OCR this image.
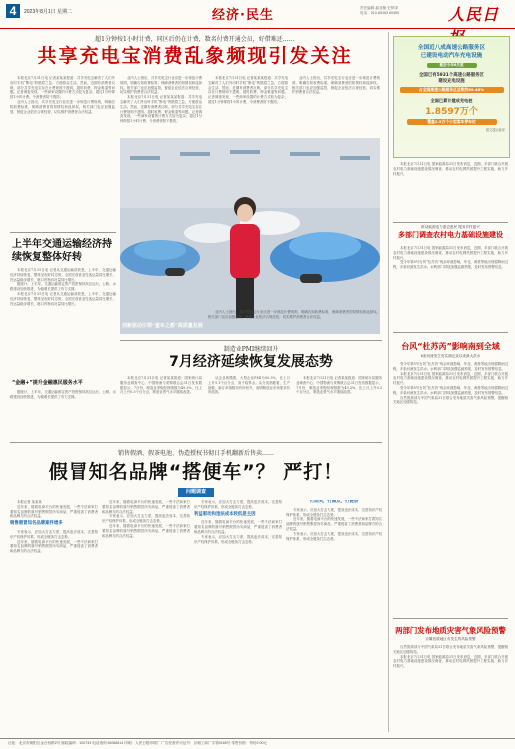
4	2023年8月1日 星期二	经济·民生	责任编辑 郝亚楠 史梦泽
电话：010-65363 65369	人民日
超1分钟按1小时计费，同区后仍在计费，数名付费开通会员，好借难还……
共享充电宝消费乱象频现引发关注

本报北京7月31日电 记者某某某报道：共享充电宝解决了人们外出时手机“断电”的燃眉之急，方便群众生活。然而，近期有消费者反映，部分共享充电宝存在计费规则不透明、超时收费、押金难退等问题。记者调查发现，一些商家设置的计费方式较为复杂，超过1分钟即按1小时计费，令消费者防不胜防。

业内人士指出，共享充电宝行业应进一步规范计费规则，明确告知收费标准，保障消费者的知情权和选择权。相关部门也应加强监管，督促企业依法合规经营，切实维护消费者合法权益。

业内人士指出，共享充电宝行业应进一步规范计费规则，明确告知收费标准，保障消费者的知情权和选择权。相关部门也应加强监管，督促企业依法合规经营，切实维护消费者合法权益。

本报北京7月31日电 记者某某某报道：共享充电宝解决了人们外出时手机“断电”的燃眉之急，方便群众生活。然而，近期有消费者反映，部分共享充电宝存在计费规则不透明、超时收费、押金难退等问题。记者调查发现，一些商家设置的计费方式较为复杂，超过1分钟即按1小时计费，令消费者防不胜防。

本报北京7月31日电 记者某某某报道：共享充电宝解决了人们外出时手机“断电”的燃眉之急，方便群众生活。然而，近期有消费者反映，部分共享充电宝存在计费规则不透明、超时收费、押金难退等问题。记者调查发现，一些商家设置的计费方式较为复杂，超过1分钟即按1小时计费，令消费者防不胜防。

业内人士指出，共享充电宝行业应进一步规范计费规则，明确告知收费标准，保障消费者的知情权和选择权。相关部门也应加强监管，督促企业依法合规经营，切实维护消费者合法权益。

创新驱动引领“童车之都”高质量发展

业内人士指出，共享充电宝行业应进一步规范计费规则，明确告知收费标准，保障消费者的知情权和选择权。相关部门也应加强监管，督促企业依法合规经营，切实维护消费者合法权益。

上半年交通运输经济持续恢复整体好转

本报北京7月31日电 记者从交通运输部获悉，上半年，交通运输经济持续恢复，整体呈现好转态势。全国完成营业性客运量同比增长，货运量稳步增长，港口货物吞吐量同比增长。

据统计，上半年，交通运输固定资产投资保持高位运行，公路、水路建设加快推进，为稳增长提供了有力支撑。

本报北京7月31日电 记者从交通运输部获悉，上半年，交通运输经济持续恢复，整体呈现好转态势。全国完成营业性客运量同比增长，货运量稳步增长，港口货物吞吐量同比增长。

“金融+”提升金融惠民服务水平

据统计，上半年，交通运输固定资产投资保持高位运行，公路、水路建设加快推进，为稳增长提供了有力支撑。

制造业PMI继续回升
7月经济延续恢复发展态势

本报北京7月31日电 记者某某报道：国家统计局服务业调查中心、中国物流与采购联合会31日发布数据显示，7月份，制造业采购经理指数为49.3%，比上月上升0.3个百分点，制造业景气水平继续改善。

从企业规模看，大型企业PMI为50.3%，比上月上升1.1个百分点，高于临界点。从分类指数看，生产指数、新订单指数均有所回升，表明制造业市场需求有所改善。

本报北京7月31日电 记者某某报道：国家统计局服务业调查中心、中国物流与采购联合会31日发布数据显示，7月份，制造业采购经理指数为49.3%，比上月上升0.3个百分点，制造业景气水平继续改善。

销售假酒、假茶电池、伪造授权书彻日手机翻新后售卖……
假冒知名品牌“搭便车”？ 严打！
问题调查

本报记者 某某某

近年来，随着电商平台的快速发展，一些不法商家打着知名品牌的旗号销售假冒伪劣商品，严重侵害了消费者和品牌方的合法权益。

销售假冒知名品牌案件增多

专家表示，应加大打击力度，提高违法成本，完善知识产权保护体系，形成全链条打击态势。

近年来，随着电商平台的快速发展，一些不法商家打着知名品牌的旗号销售假冒伪劣商品，严重侵害了消费者和品牌方的合法权益。

近年来，随着电商平台的快速发展，一些不法商家打着知名品牌的旗号销售假冒伪劣商品，严重侵害了消费者和品牌方的合法权益。

专家表示，应加大打击力度，提高违法成本，完善知识产权保护体系，形成全链条打击态势。

近年来，随着电商平台的快速发展，一些不法商家打着知名品牌的旗号销售假冒伪劣商品，严重侵害了消费者和品牌方的合法权益。

专家表示，应加大打击力度，提高违法成本，完善知识产权保护体系，形成全链条打击态势。

利益驱动和违法成本较低是主因

近年来，随着电商平台的快速发展，一些不法商家打着知名品牌的旗号销售假冒伪劣商品，严重侵害了消费者和品牌方的合法权益。

专家表示，应加大打击力度，提高违法成本，完善知识产权保护体系，形成全链条打击态势。

打品头，打黑点，打链条

专家表示，应加大打击力度，提高违法成本，完善知识产权保护体系，形成全链条打击态势。

近年来，随着电商平台的快速发展，一些不法商家打着知名品牌的旗号销售假冒伪劣商品，严重侵害了消费者和品牌方的合法权益。

专家表示，应加大打击力度，提高违法成本，完善知识产权保护体系，形成全链条打击态势。

全国近八成高速公路服务区
已建设电动汽车充电设施
截至今年6月底
全国已有5931个高速公路服务区
建设充电设施
占全国高速公路服务区总数的89.48%
全国已累计建成充电桩
1.8597万个
覆盖2.5万个小型客车停车位
据交通运输部

本报北京7月31日电 国家能源局31日发布消息，近期，多部门联合开展农村电力基础设施建设情况调查，推动农村电网巩固提升工程实施，助力乡村振兴。

推动能源电力惠农惠民 服务乡村振兴
多部门调查农村电力基础设施建设

本报北京7月31日电 国家能源局31日发布消息，近期，多部门联合开展农村电力基础设施建设情况调查，推动农村电网巩固提升工程实施，助力乡村振兴。

受今年第5号台风“杜苏芮”残余环流影响，华北、黄淮等地出现强降雨过程，多条河流发生洪水。水利部门持续加强监测预报，及时发布预警信息。

台风“杜苏芮”影响南到全域
6条河流发生有实测记录以来最大洪水

受今年第5号台风“杜苏芮”残余环流影响，华北、黄淮等地出现强降雨过程，多条河流发生洪水。水利部门持续加强监测预报，及时发布预警信息。

本报北京7月31日电 国家能源局31日发布消息，近期，多部门联合开展农村电力基础设施建设情况调查，推动农村电网巩固提升工程实施，助力乡村振兴。

受今年第5号台风“杜苏芮”残余环流影响，华北、黄淮等地出现强降雨过程，多条河流发生洪水。水利部门持续加强监测预报，及时发布预警信息。

自然资源部与中国气象局31日联合发布地质灾害气象风险预警，提醒相关地区加强防范。

两部门发布地质灾害气象风险预警
京冀晋陕地区有发生的风险预警

自然资源部与中国气象局31日联合发布地质灾害气象风险预警，提醒相关地区加强防范。

本报北京7月31日电 国家能源局31日发布消息，近期，多部门联合开展农村电力基础设施建设情况调查，推动农村电网巩固提升工程实施，助力乡村振兴。

社址：北京市朝阳区金台西路2号 邮政编码：100733 电话查询 65368114 印刷：人民日报印刷厂 广告经营许可证号：京朝工商广字第0165号 零售价格：每份2.00元
